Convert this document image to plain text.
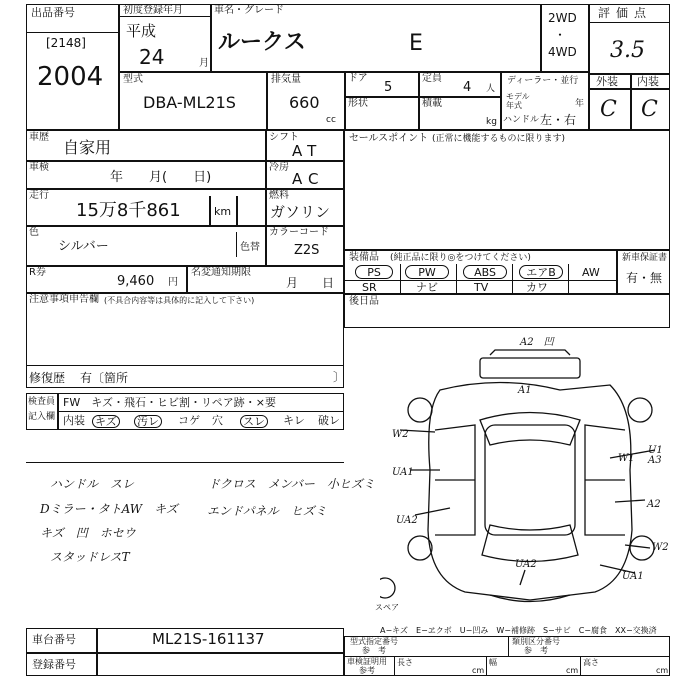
出品番号
[2148]
2004
初度登録年月
平成
24	月
車名・グレード
ルークス	E
2WD
・
4WD
評価点
3.5
外装 内装
C C
型式
DBA-ML21S
排気量
660
cc
ドア
5
定員
4 人
形状	積載
kg
ディーラー・並行
モデル年式	年
ハンドル 左・右
車歴
自家用
シフト
AT
車検
年　　月(　　日)
冷房
AC
走行
15万8千861	km
燃料
ガソリン
色
シルバー	色替
カラーコード
Z2S
R券
9,460 円
名変通知期限
月　　日
注意事項申告欄 (不具合内容等は具体的に記入して下さい)
修復歴 有〔箇所	〕
セールスポイント (正常に機能するものに限ります)
装備品 (純正品に限り◎をつけてください)	新車保証書
有・無
PS	PW	ABS	エアB	AW
SR	ナビ	TV	カワ
後日品
検査員
記入欄
FW　キズ・飛石・ヒビ割・リペア跡・×要
内装 キズ 汚レ コゲ 穴 スレ キレ 破レ
ハンドル　スレ
Dミラー・タトAW　キズ
キズ　凹　ホセウ
スタッドレスT
ドクロス　メンバー　小ヒズミ
エンドパネル　ヒズミ
A2　凹
A1
W2
UA1
UA2
U1 A3
W1
A2
W2
UA2
UA1
スペア
A−キズ　E−ヱクボ　U−凹み　W−補修跡　S−サビ　C−腐食　XX−交換済
車台番号	ML21S-161137
登録番号
型式指定番号
参　考
類別区分番号
参　考
車検証明用
参考
長さ
cm
幅
cm
高さ
cm
